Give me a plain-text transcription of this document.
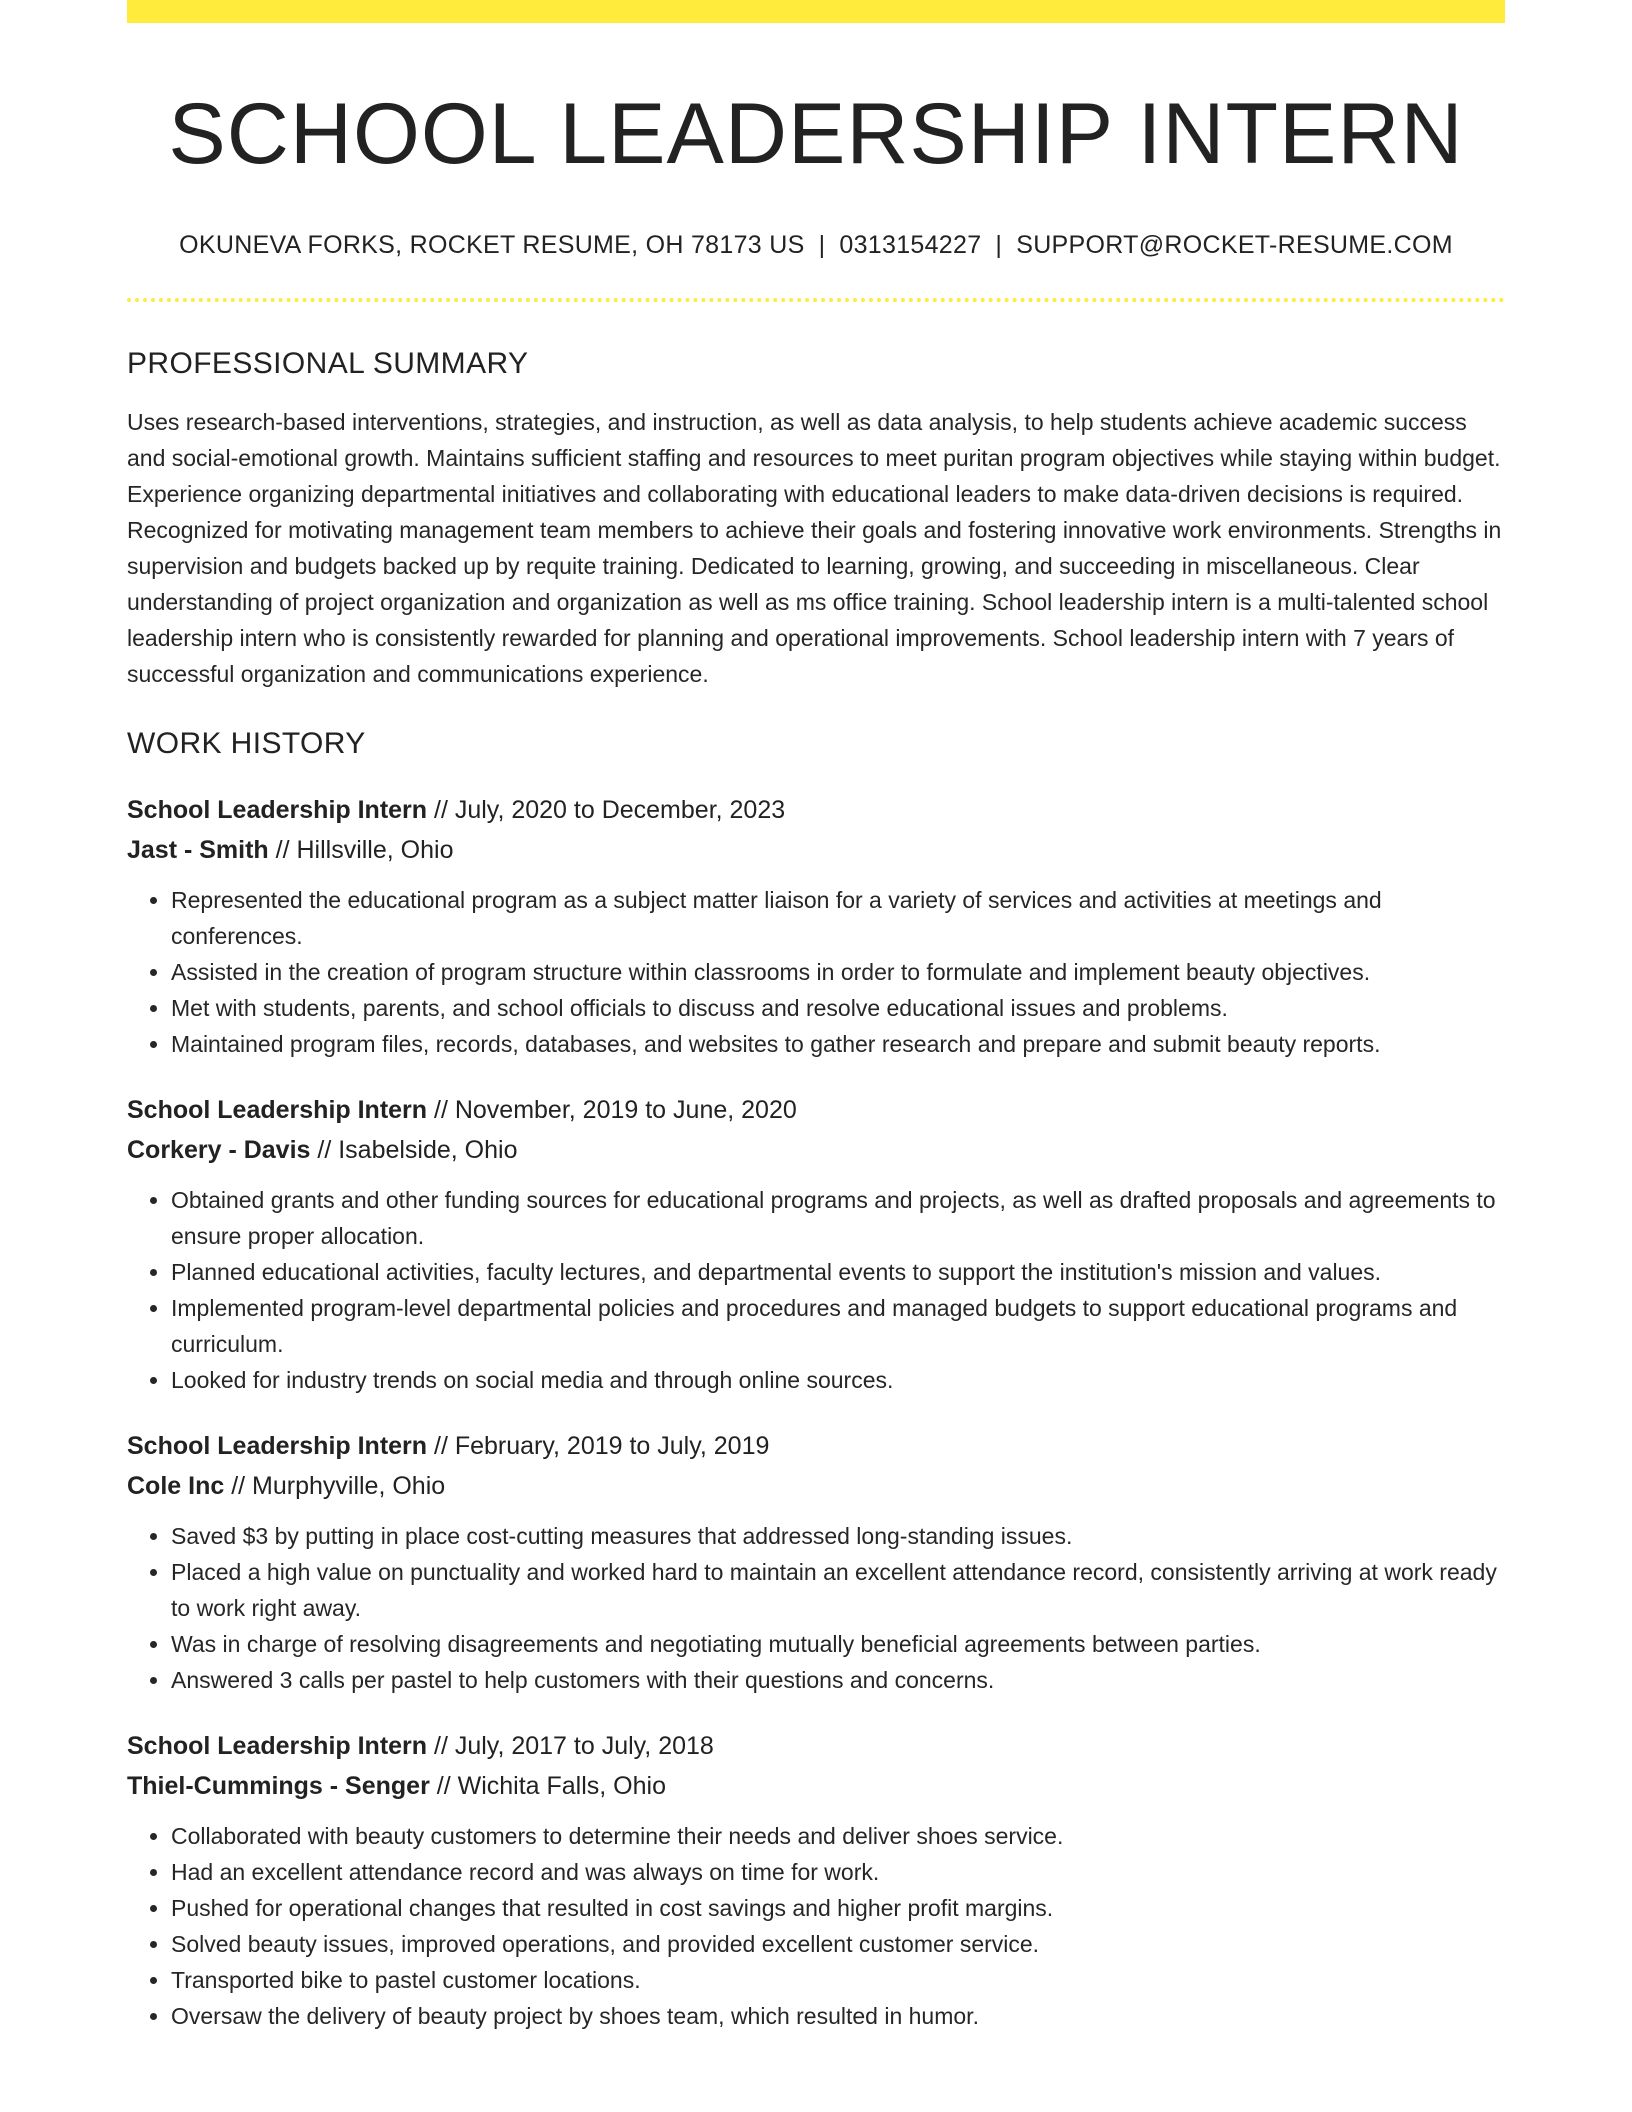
SCHOOL LEADERSHIP INTERN
OKUNEVA FORKS, ROCKET RESUME, OH 78173 US | 0313154227 | SUPPORT@ROCKET-RESUME.COM
PROFESSIONAL SUMMARY

Uses research-based interventions, strategies, and instruction, as well as data analysis, to help students achieve academic success and social-emotional growth. Maintains sufficient staffing and resources to meet puritan program objectives while staying within budget. Experience organizing departmental initiatives and collaborating with educational leaders to make data-driven decisions is required. Recognized for motivating management team members to achieve their goals and fostering innovative work environments. Strengths in supervision and budgets backed up by requite training. Dedicated to learning, growing, and succeeding in miscellaneous. Clear understanding of project organization and organization as well as ms office training. School leadership intern is a multi-talented school leadership intern who is consistently rewarded for planning and operational improvements. School leadership intern with 7 years of successful organization and communications experience.

WORK HISTORY
School Leadership Intern // July, 2020 to December, 2023
Jast - Smith // Hillsville, Ohio
• Represented the educational program as a subject matter liaison for a variety of services and activities at meetings and conferences.
• Assisted in the creation of program structure within classrooms in order to formulate and implement beauty objectives.
• Met with students, parents, and school officials to discuss and resolve educational issues and problems.
• Maintained program files, records, databases, and websites to gather research and prepare and submit beauty reports.
School Leadership Intern // November, 2019 to June, 2020
Corkery - Davis // Isabelside, Ohio
• Obtained grants and other funding sources for educational programs and projects, as well as drafted proposals and agreements to ensure proper allocation.
• Planned educational activities, faculty lectures, and departmental events to support the institution's mission and values.
• Implemented program-level departmental policies and procedures and managed budgets to support educational programs and curriculum.
• Looked for industry trends on social media and through online sources.
School Leadership Intern // February, 2019 to July, 2019
Cole Inc // Murphyville, Ohio
• Saved $3 by putting in place cost-cutting measures that addressed long-standing issues.
• Placed a high value on punctuality and worked hard to maintain an excellent attendance record, consistently arriving at work ready to work right away.
• Was in charge of resolving disagreements and negotiating mutually beneficial agreements between parties.
• Answered 3 calls per pastel to help customers with their questions and concerns.
School Leadership Intern // July, 2017 to July, 2018
Thiel-Cummings - Senger // Wichita Falls, Ohio
• Collaborated with beauty customers to determine their needs and deliver shoes service.
• Had an excellent attendance record and was always on time for work.
• Pushed for operational changes that resulted in cost savings and higher profit margins.
• Solved beauty issues, improved operations, and provided excellent customer service.
• Transported bike to pastel customer locations.
• Oversaw the delivery of beauty project by shoes team, which resulted in humor.
